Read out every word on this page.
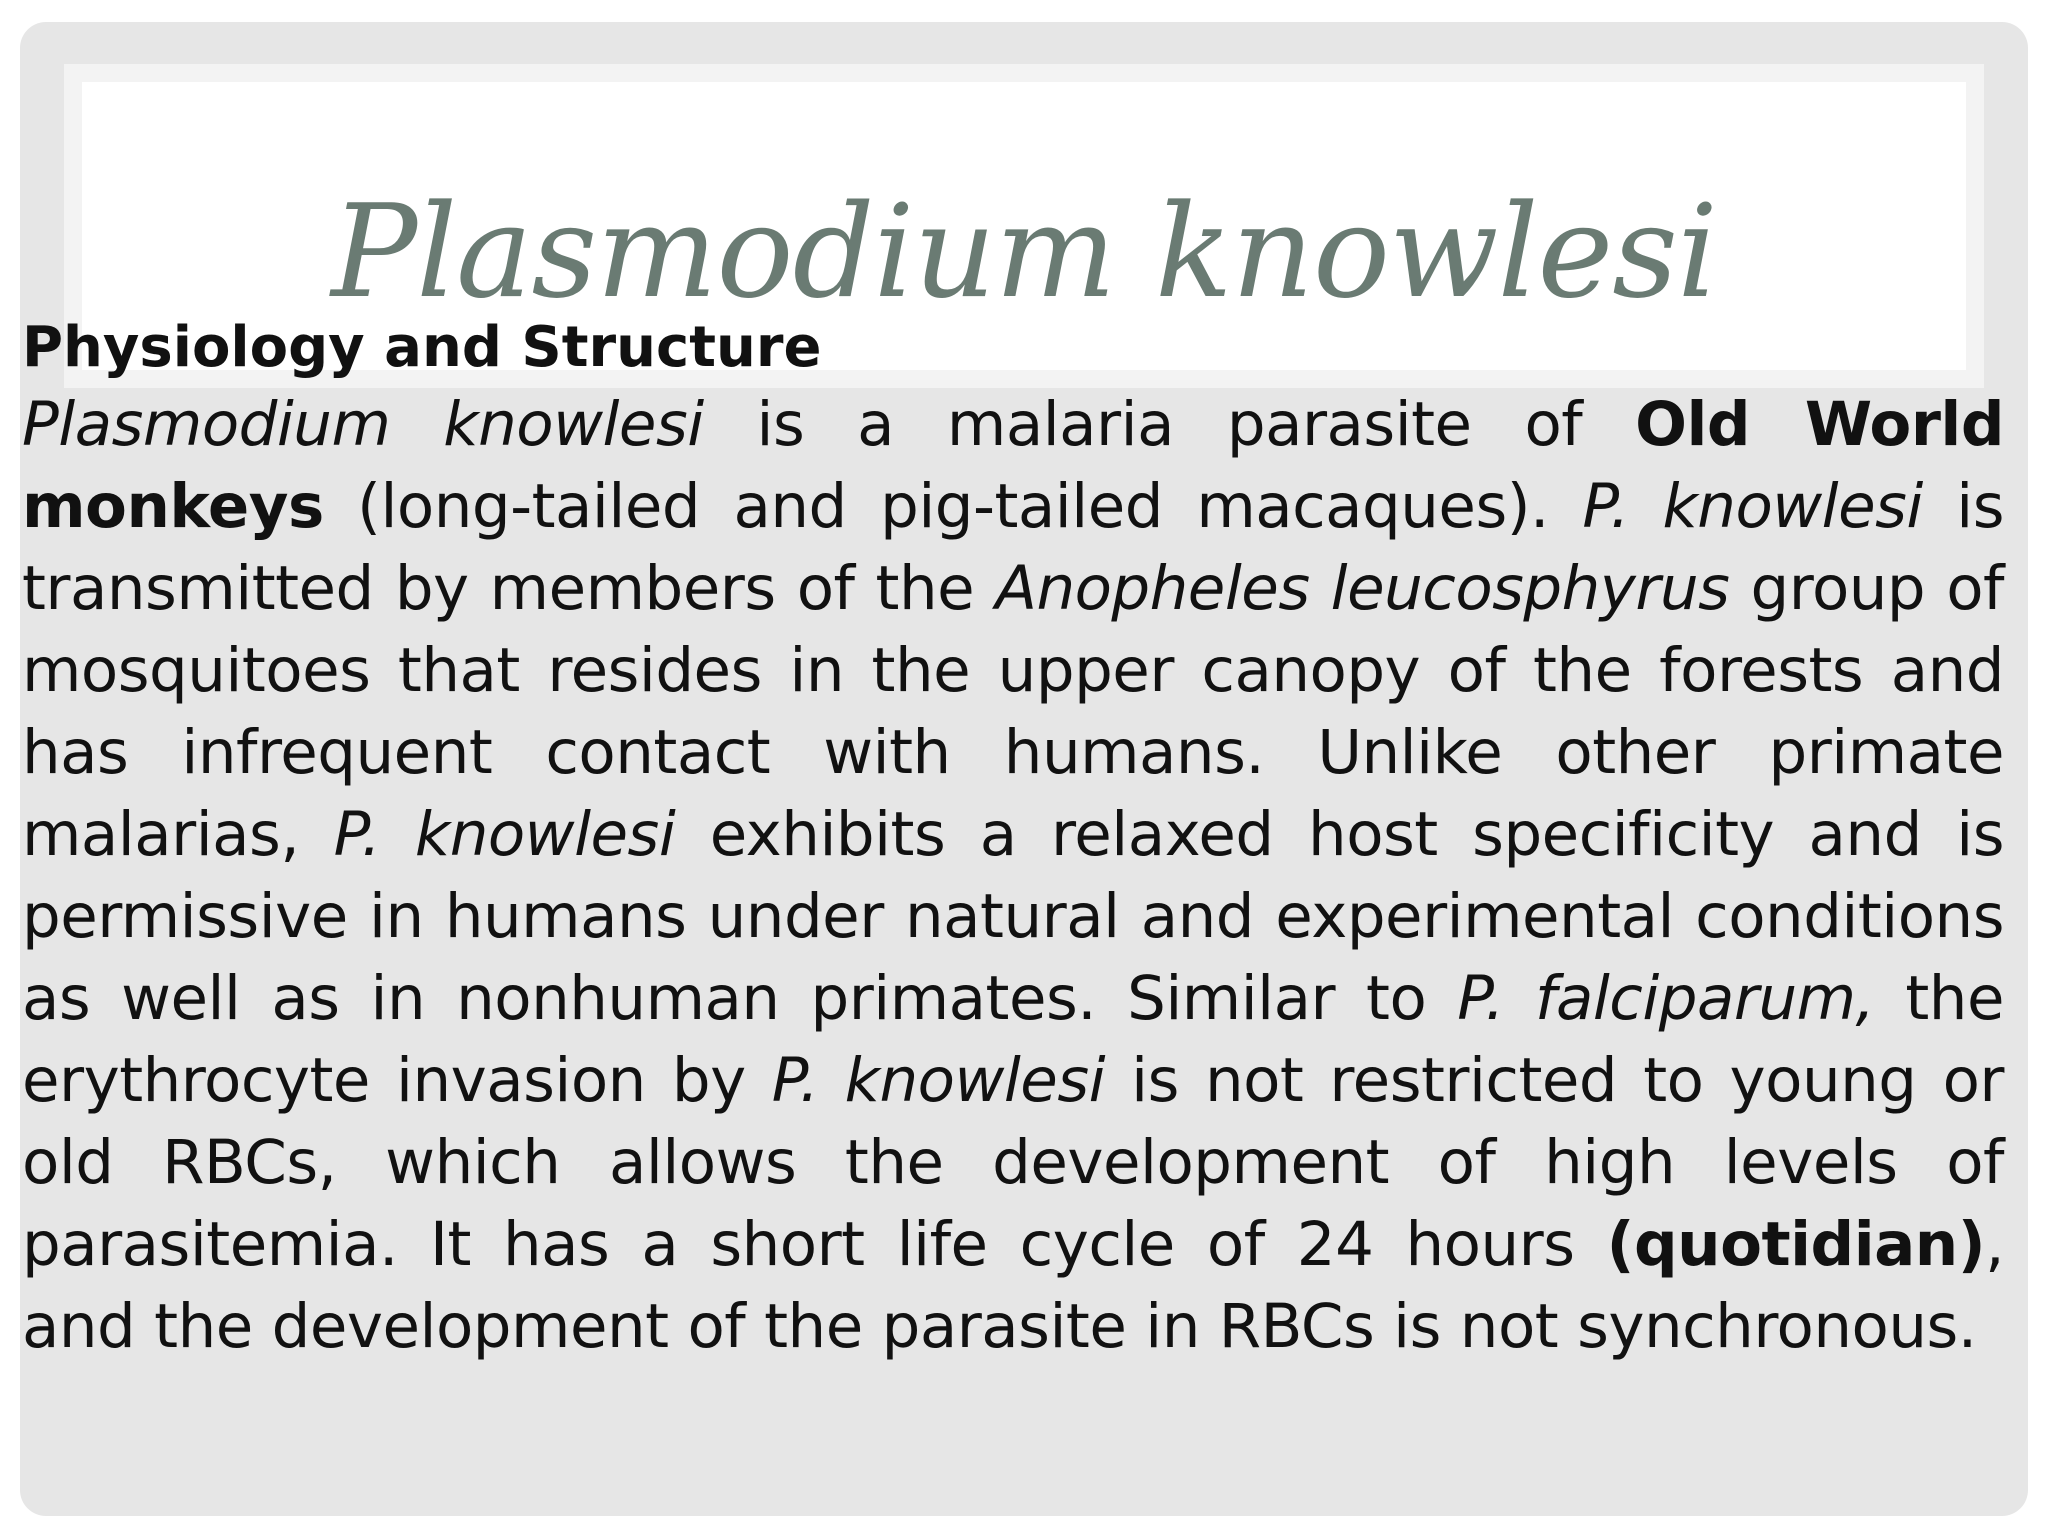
Plasmodium knowlesi

Physiology and Structure

Plasmodium knowlesi is a malaria parasite of Old World monkeys (long-tailed and pig-tailed macaques). P. knowlesi is transmitted by members of the Anopheles leucosphyrus group of mosquitoes that resides in the upper canopy of the forests and has infrequent contact with humans. Unlike other primate malarias, P. knowlesi exhibits a relaxed host specificity and is permissive in humans under natural and experimental conditions as well as in nonhuman primates. Similar to P. falciparum, the erythrocyte invasion by P. knowlesi is not restricted to young or old RBCs, which allows the development of high levels of parasitemia. It has a short life cycle of 24 hours (quotidian), and the development of the parasite in RBCs is not synchronous.
